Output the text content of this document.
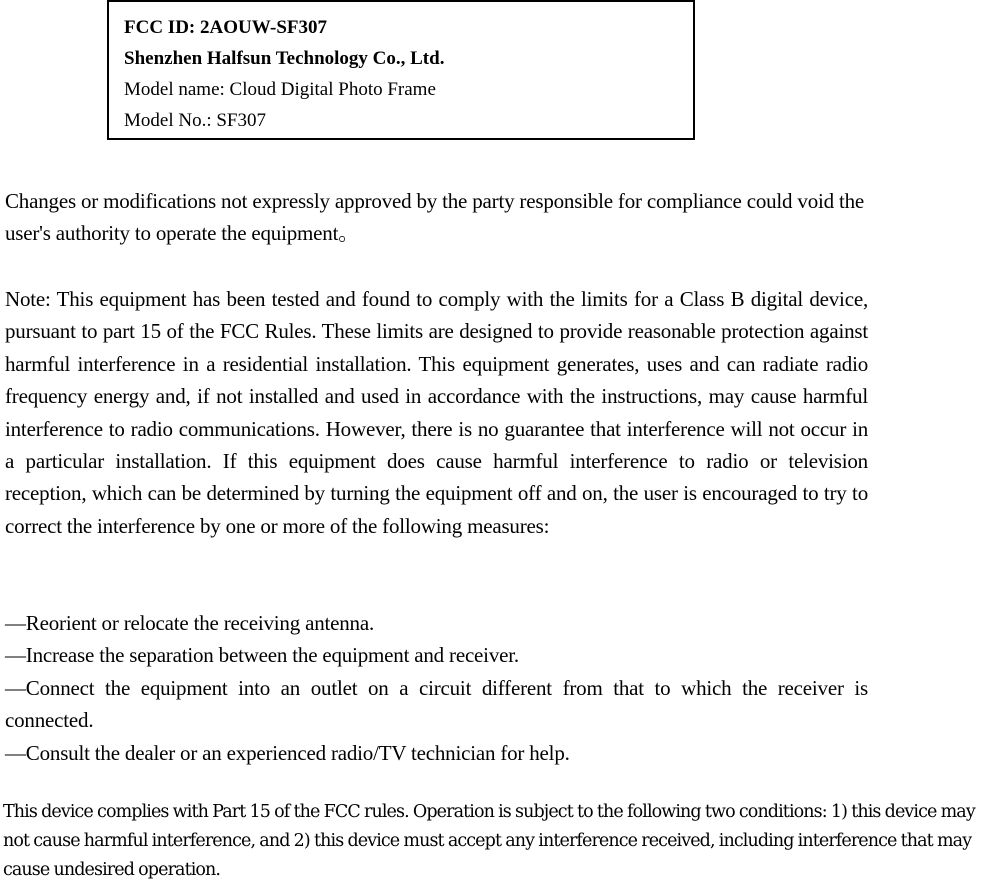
FCC ID: 2AOUW-SF307
Shenzhen Halfsun Technology Co., Ltd.
Model name: Cloud Digital Photo Frame
Model No.: SF307
Changes or modifications not expressly approved by the party responsible for compliance could void the user's authority to operate the equipment。
Note: This equipment has been tested and found to comply with the limits for a Class B digital device, pursuant to part 15 of the FCC Rules. These limits are designed to provide reasonable protection against harmful interference in a residential installation. This equipment generates, uses and can radiate radio frequency energy and, if not installed and used in accordance with the instructions, may cause harmful interference to radio communications. However, there is no guarantee that interference will not occur in a particular installation. If this equipment does cause harmful interference to radio or television reception, which can be determined by turning the equipment off and on, the user is encouraged to try to correct the interference by one or more of the following measures:
—Reorient or relocate the receiving antenna.
—Increase the separation between the equipment and receiver.
—Connect the equipment into an outlet on a circuit different from that to which the receiver is connected.
—Consult the dealer or an experienced radio/TV technician for help.
This device complies with Part 15 of the FCC rules. Operation is subject to the following two conditions: 1) this device may not cause harmful interference, and 2) this device must accept any interference received, including interference that may cause undesired operation.
